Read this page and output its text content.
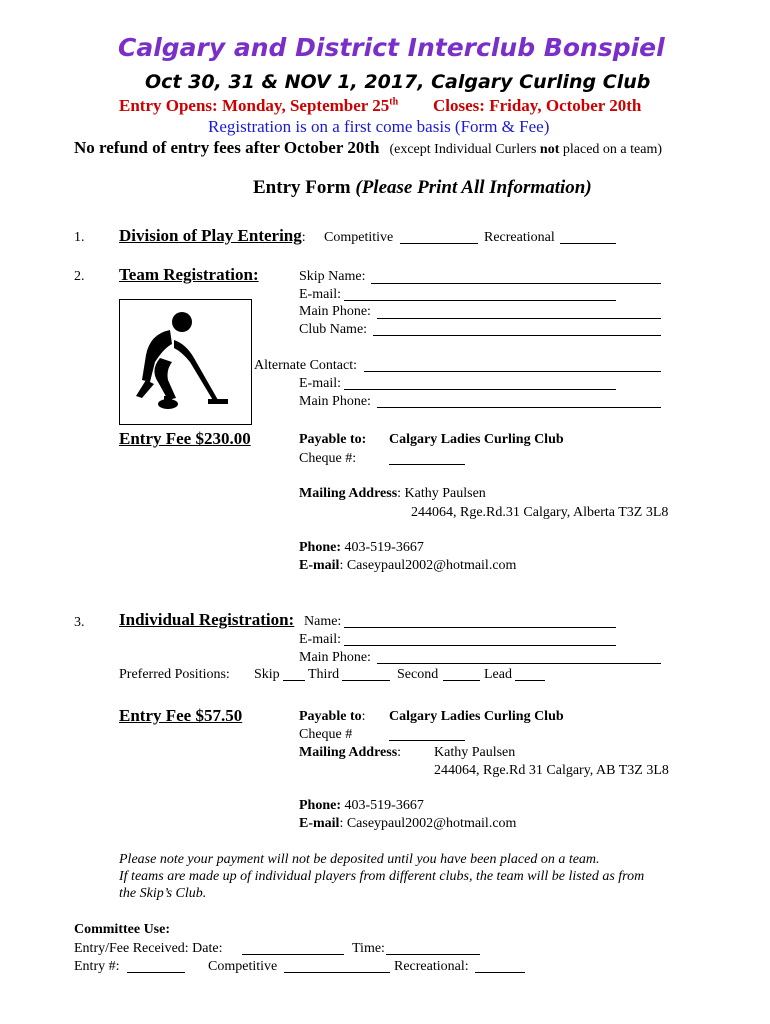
Calgary and District Interclub Bonspiel
Oct 30, 31 & NOV 1, 2017, Calgary Curling Club
Entry Opens: Monday, September 25th Closes: Friday, October 20th
Registration is on a first come basis (Form & Fee)
No refund of entry fees after October 20th (except Individual Curlers not placed on a team)
Entry Form (Please Print All Information)
1. Division of Play Entering: Competitive	Recreational
2. Team Registration:	Skip Name:
E-mail:
Main Phone:
Club Name:
Alternate Contact:
E-mail:
Main Phone:
Entry Fee $230.00	Payable to: Calgary Ladies Curling Club
Cheque #:
Mailing Address: Kathy Paulsen
244064, Rge.Rd.31 Calgary, Alberta T3Z 3L8
Phone: 403-519-3667
E-mail: Caseypaul2002@hotmail.com
3. Individual Registration: Name:
E-mail:
Main Phone:
Preferred Positions: Skip Third	Second	Lead
Entry Fee $57.50	Payable to: Calgary Ladies Curling Club
Cheque #
Mailing Address: Kathy Paulsen
244064, Rge.Rd 31 Calgary, AB T3Z 3L8
Phone: 403-519-3667
E-mail: Caseypaul2002@hotmail.com
Please note your payment will not be deposited until you have been placed on a team.
If teams are made up of individual players from different clubs, the team will be listed as from
the Skip’s Club.
Committee Use:
Entry/Fee Received: Date:	Time:
Entry #:	Competitive	Recreational:
